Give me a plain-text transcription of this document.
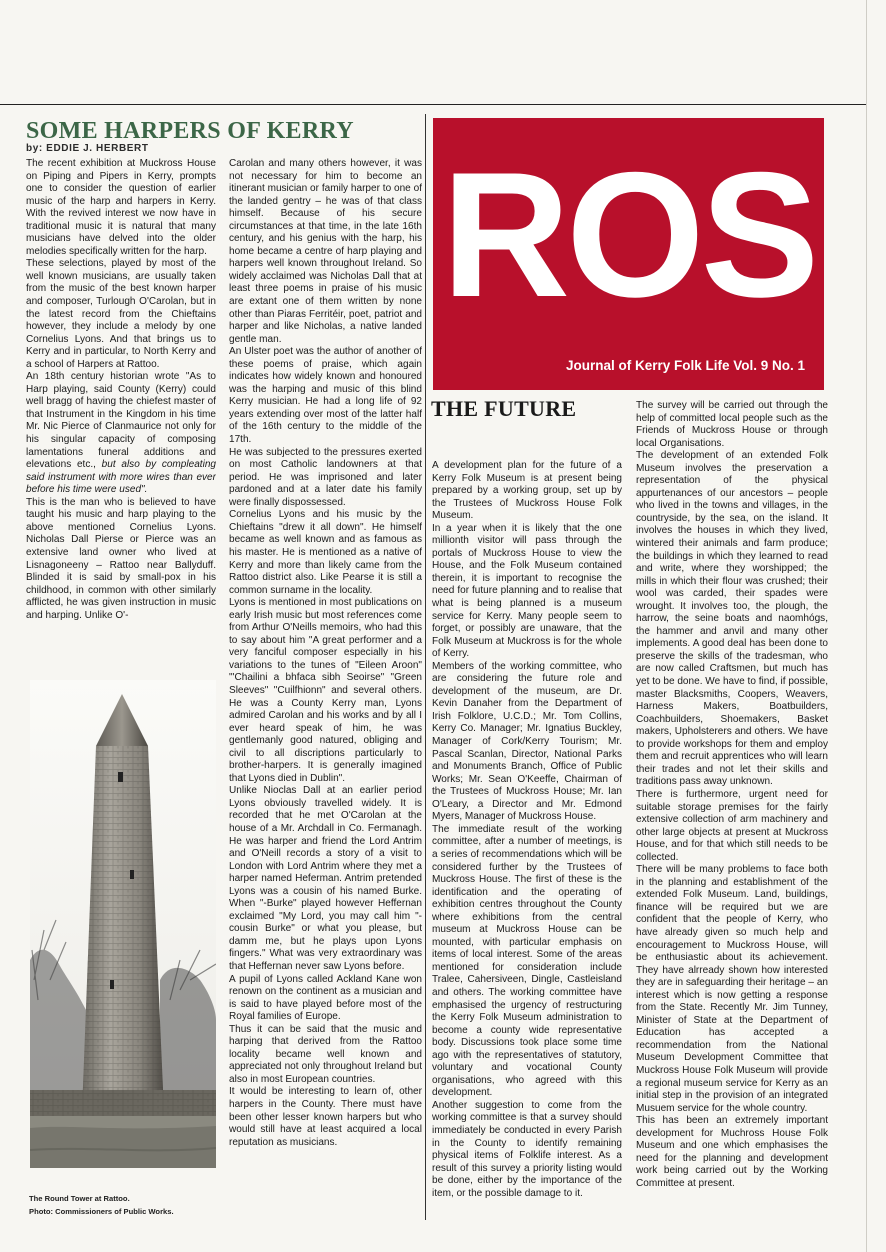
SOME HARPERS OF KERRY
by: EDDIE J. HERBERT

The recent exhibition at Muckross House on Piping and Pipers in Kerry, prompts one to consider the question of earlier music of the harp and harpers in Kerry. With the revived interest we now have in traditional music it is natural that many musicians have delved into the older melodies specifically written for the harp.

These selections, played by most of the well known musicians, are usually taken from the music of the best known harper and composer, Turlough O'Carolan, but in the latest record from the Chieftains however, they include a melody by one Cornelius Lyons. And that brings us to Kerry and in particular, to North Kerry and a school of Harpers at Rattoo.

An 18th century historian wrote "As to Harp playing, said County (Kerry) could well bragg of having the chiefest master of that Instrument in the Kingdom in his time Mr. Nic Pierce of Clanmaurice not only for his singular capacity of composing lamentations funeral additions and elevations etc., but also by compleating said instrument with more wires than ever before his time were used".

This is the man who is believed to have taught his music and harp playing to the above mentioned Cornelius Lyons. Nicholas Dall Pierse or Pierce was an extensive land owner who lived at Lisnagoneeny – Rattoo near Ballyduff. Blinded it is said by small-pox in his childhood, in common with other similarly afflicted, he was given instruction in music and harping. Unlike O'-

Carolan and many others however, it was not necessary for him to become an itinerant musician or family harper to one of the landed gentry – he was of that class himself. Because of his secure circumstances at that time, in the late 16th century, and his genius with the harp, his home became a centre of harp playing and harpers well known throughout Ireland. So widely acclaimed was Nicholas Dall that at least three poems in praise of his music are extant one of them written by none other than Piaras Ferritéir, poet, patriot and harper and like Nicholas, a native landed gentle man.

An Ulster poet was the author of another of these poems of praise, which again indicates how widely known and honoured was the harping and music of this blind Kerry musician. He had a long life of 92 years extending over most of the latter half of the 16th century to the middle of the 17th.

He was subjected to the pressures exerted on most Catholic landowners at that period. He was imprisoned and later pardoned and at a later date his family were finally dispossessed.

Cornelius Lyons and his music by the Chieftains "drew it all down". He himself became as well known and as famous as his master. He is mentioned as a native of Kerry and more than likely came from the Rattoo district also. Like Pearse it is still a common surname in the locality.

Lyons is mentioned in most publications on early Irish music but most references come from Arthur O'Neills memoirs, who had this to say about him "A great performer and a very fanciful composer especially in his variations to the tunes of "Eileen Aroon" "'Chailini a bhfaca sibh Seoirse" "Green Sleeves" "Cuilfhionn" and several others. He was a County Kerry man, Lyons admired Carolan and his works and by all I ever heard speak of him, he was gentlemanly good natured, obliging and civil to all discriptions particularly to brother-harpers. It is generally imagined that Lyons died in Dublin".

Unlike Nioclas Dall at an earlier period Lyons obviously travelled widely. It is recorded that he met O'Carolan at the house of a Mr. Archdall in Co. Fermanagh. He was harper and friend the Lord Antrim and O'Neill records a story of a visit to London with Lord Antrim where they met a harper named Heferman. Antrim pretended Lyons was a cousin of his named Burke. When "-Burke" played however Heffernan exclaimed "My Lord, you may call him "-cousin Burke" or what you please, but damm me, but he plays upon Lyons fingers." What was very extraordinary was that Heffernan never saw Lyons before.

A pupil of Lyons called Ackland Kane won renown on the continent as a musician and is said to have played before most of the Royal families of Europe.

Thus it can be said that the music and harping that derived from the Rattoo locality became well known and appreciated not only throughout Ireland but also in most European countries.

It would be interesting to learn of, other harpers in the County. There must have been other lesser known harpers but who would still have at least acquired a local reputation as musicians.

The Round Tower at Rattoo.
Photo: Commissioners of Public Works.
ROS
Journal of Kerry Folk Life Vol. 9 No. 1
THE FUTURE

A development plan for the future of a Kerry Folk Museum is at present being prepared by a working group, set up by the Trustees of Muckross House Folk Museum.

In a year when it is likely that the one millionth visitor will pass through the portals of Muckross House to view the House, and the Folk Museum contained therein, it is important to recognise the need for future planning and to realise that what is being planned is a museum service for Kerry. Many people seem to forget, or possibly are unaware, that the Folk Museum at Muckross is for the whole of Kerry.

Members of the working committee, who are considering the future role and development of the museum, are Dr. Kevin Danaher from the Department of Irish Folklore, U.C.D.; Mr. Tom Collins, Kerry Co. Manager; Mr. Ignatius Buckley, Manager of Cork/Kerry Tourism; Mr. Pascal Scanlan, Director, National Parks and Monuments Branch, Office of Public Works; Mr. Sean O'Keeffe, Chairman of the Trustees of Muckross House; Mr. Ian O'Leary, a Director and Mr. Edmond Myers, Manager of Muckross House.

The immediate result of the working committee, after a number of meetings, is a series of recommendations which will be considered further by the Trustees of Muckross House. The first of these is the identification and the operating of exhibition centres throughout the County where exhibitions from the central museum at Muckross House can be mounted, with particular emphasis on items of local interest. Some of the areas mentioned for consideration include Tralee, Cahersiveen, Dingle, Castleisland and others. The working committee have emphasised the urgency of restructuring the Kerry Folk Museum administration to become a county wide representative body. Discussions took place some time ago with the representatives of statutory, voluntary and vocational County organisations, who agreed with this development.

Another suggestion to come from the working committee is that a survey should immediately be conducted in every Parish in the County to identify remaining physical items of Folklife interest. As a result of this survey a priority listing would be done, either by the importance of the item, or the possible damage to it.

The survey will be carried out through the help of committed local people such as the Friends of Muckross House or through local Organisations.

The development of an extended Folk Museum involves the preservation a representation of the physical appurtenances of our ancestors – people who lived in the towns and villages, in the countryside, by the sea, on the island. It involves the houses in which they lived, wintered their animals and farm produce; the buildings in which they learned to read and write, where they worshipped; the mills in which their flour was crushed; their wool was carded, their spades were wrought. It involves too, the plough, the harrow, the seine boats and naomhógs, the hammer and anvil and many other implements. A good deal has been done to preserve the skills of the tradesman, who are now called Craftsmen, but much has yet to be done. We have to find, if possible, master Blacksmiths, Coopers, Weavers, Harness Makers, Boatbuilders, Coachbuilders, Shoemakers, Basket makers, Upholsterers and others. We have to provide workshops for them and employ them and recruit apprentices who will learn their trades and not let their skills and traditions pass away unknown.

There is furthermore, urgent need for suitable storage premises for the fairly extensive collection of arm machinery and other large objects at present at Muckross House, and for that which still needs to be collected.

There will be many problems to face both in the planning and establishment of the extended Folk Museum. Land, buildings, finance will be required but we are confident that the people of Kerry, who have already given so much help and encouragement to Muckross House, will be enthusiastic about its achievement. They have alrready shown how interested they are in safeguarding their heritage – an interest which is now getting a response from the State. Recently Mr. Jim Tunney, Minister of State at the Department of Education has accepted a recommendation from the National Museum Development Committee that Muckross House Folk Museum will provide a regional museum service for Kerry as an initial step in the provision of an integrated Musuem service for the whole country.

This has been an extremely important development for Muchross House Folk Museum and one which emphasises the need for the planning and development work being carried out by the Working Committee at present.
